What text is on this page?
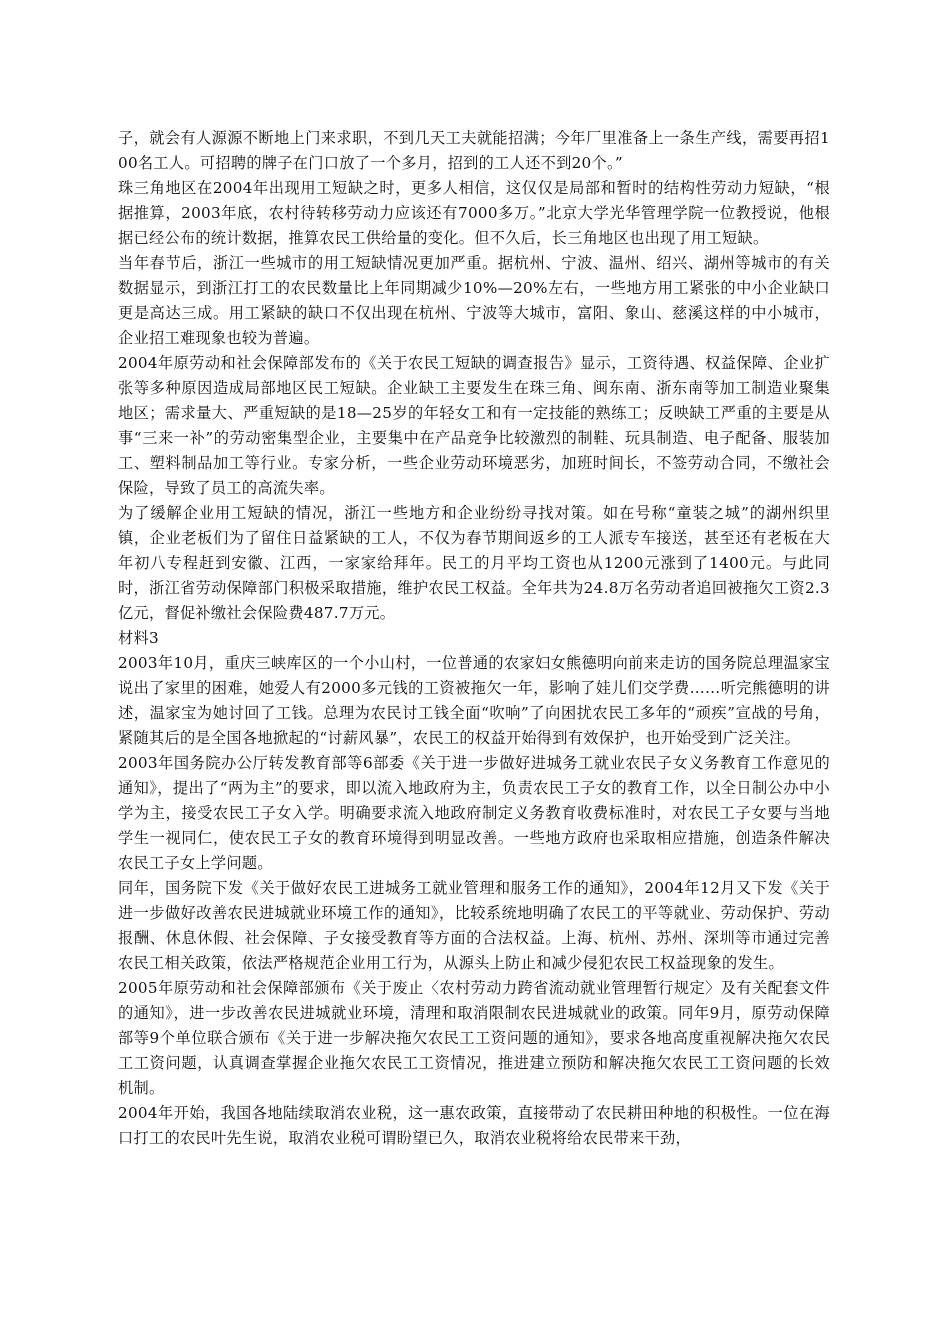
子，就会有人源源不断地上门来求职，不到几天工夫就能招满；今年厂里准备上一条生产线，需要再招100名工人。可招聘的牌子在门口放了一个多月，招到的工人还不到20个。”

珠三角地区在2004年出现用工短缺之时，更多人相信，这仅仅是局部和暂时的结构性劳动力短缺，“根据推算，2003年底，农村待转移劳动力应该还有7000多万。”北京大学光华管理学院一位教授说，他根据已经公布的统计数据，推算农民工供给量的变化。但不久后，长三角地区也出现了用工短缺。

当年春节后，浙江一些城市的用工短缺情况更加严重。据杭州、宁波、温州、绍兴、湖州等城市的有关数据显示，到浙江打工的农民数量比上年同期减少10%—20%左右，一些地方用工紧张的中小企业缺口更是高达三成。用工紧缺的缺口不仅出现在杭州、宁波等大城市，富阳、象山、慈溪这样的中小城市，企业招工难现象也较为普遍。

2004年原劳动和社会保障部发布的《关于农民工短缺的调查报告》显示，工资待遇、权益保障、企业扩张等多种原因造成局部地区民工短缺。企业缺工主要发生在珠三角、闽东南、浙东南等加工制造业聚集地区；需求量大、严重短缺的是18—25岁的年轻女工和有一定技能的熟练工；反映缺工严重的主要是从事“三来一补”的劳动密集型企业，主要集中在产品竞争比较激烈的制鞋、玩具制造、电子配备、服装加工、塑料制品加工等行业。专家分析，一些企业劳动环境恶劣，加班时间长，不签劳动合同，不缴社会保险，导致了员工的高流失率。

为了缓解企业用工短缺的情况，浙江一些地方和企业纷纷寻找对策。如在号称“童装之城”的湖州织里镇，企业老板们为了留住日益紧缺的工人，不仅为春节期间返乡的工人派专车接送，甚至还有老板在大年初八专程赶到安徽、江西，一家家给拜年。民工的月平均工资也从1200元涨到了1400元。与此同时，浙江省劳动保障部门积极采取措施，维护农民工权益。全年共为24.8万名劳动者追回被拖欠工资2.3亿元，督促补缴社会保险费487.7万元。

材料3

2003年10月，重庆三峡库区的一个小山村，一位普通的农家妇女熊德明向前来走访的国务院总理温家宝说出了家里的困难，她爱人有2000多元钱的工资被拖欠一年，影响了娃儿们交学费……听完熊德明的讲述，温家宝为她讨回了工钱。总理为农民讨工钱全面“吹响”了向困扰农民工多年的“顽疾”宣战的号角，紧随其后的是全国各地掀起的“讨薪风暴”，农民工的权益开始得到有效保护，也开始受到广泛关注。

2003年国务院办公厅转发教育部等6部委《关于进一步做好进城务工就业农民子女义务教育工作意见的通知》，提出了“两为主”的要求，即以流入地政府为主，负责农民工子女的教育工作，以全日制公办中小学为主，接受农民工子女入学。明确要求流入地政府制定义务教育收费标准时，对农民工子女要与当地学生一视同仁，使农民工子女的教育环境得到明显改善。一些地方政府也采取相应措施，创造条件解决农民工子女上学问题。

同年，国务院下发《关于做好农民工进城务工就业管理和服务工作的通知》，2004年12月又下发《关于进一步做好改善农民进城就业环境工作的通知》，比较系统地明确了农民工的平等就业、劳动保护、劳动报酬、休息休假、社会保障、子女接受教育等方面的合法权益。上海、杭州、苏州、深圳等市通过完善农民工相关政策，依法严格规范企业用工行为，从源头上防止和减少侵犯农民工权益现象的发生。

2005年原劳动和社会保障部颁布《关于废止〈农村劳动力跨省流动就业管理暂行规定〉及有关配套文件的通知》，进一步改善农民进城就业环境，清理和取消限制农民进城就业的政策。同年9月，原劳动保障部等9个单位联合颁布《关于进一步解决拖欠农民工工资问题的通知》，要求各地高度重视解决拖欠农民工工资问题，认真调查掌握企业拖欠农民工工资情况，推进建立预防和解决拖欠农民工工资问题的长效机制。

2004年开始，我国各地陆续取消农业税，这一惠农政策，直接带动了农民耕田种地的积极性。一位在海口打工的农民叶先生说，取消农业税可谓盼望已久，取消农业税将给农民带来干劲，
